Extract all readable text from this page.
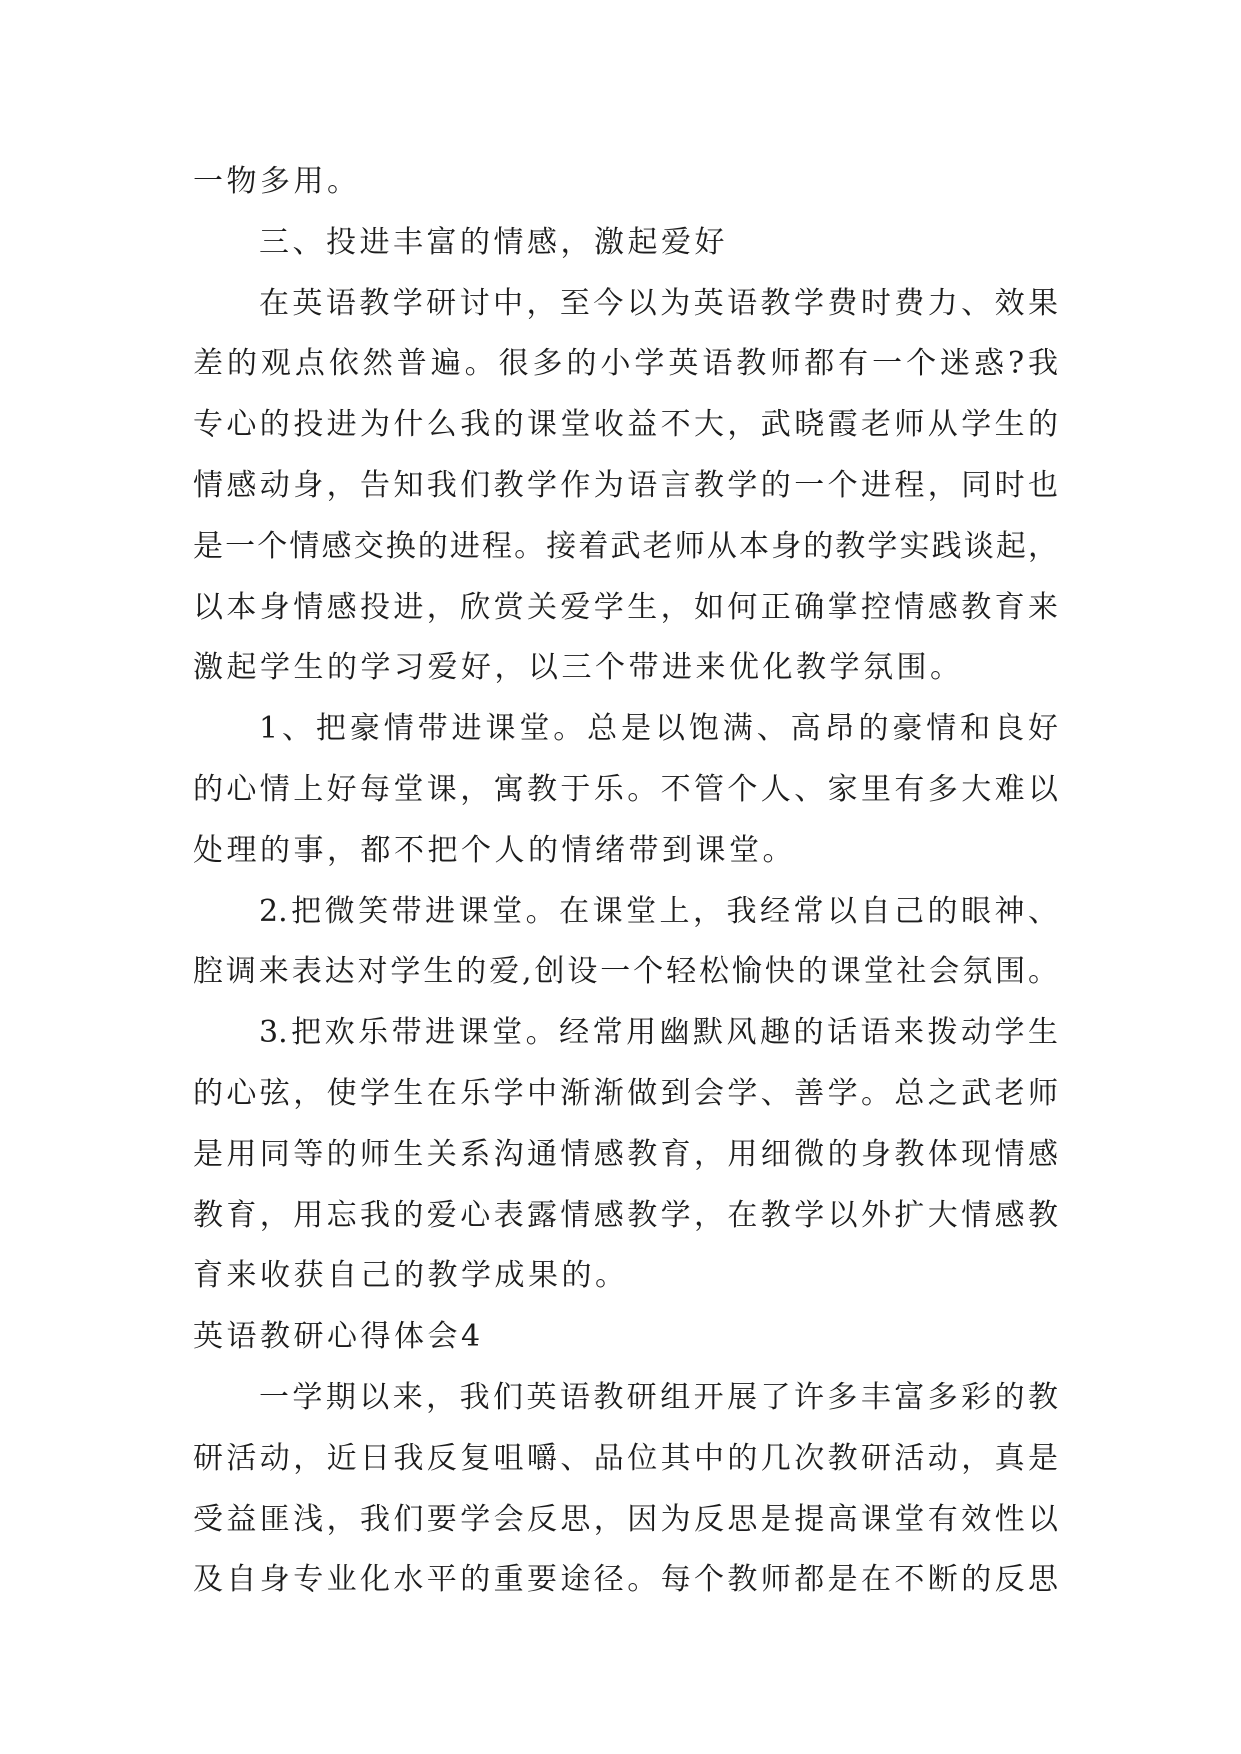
一物多用。
三、投进丰富的情感，激起爱好
在英语教学研讨中，至今以为英语教学费时费力、效果
差的观点依然普遍。很多的小学英语教师都有一个迷惑?我
专心的投进为什么我的课堂收益不大，武晓霞老师从学生的
情感动身，告知我们教学作为语言教学的一个进程，同时也
是一个情感交换的进程。接着武老师从本身的教学实践谈起，
以本身情感投进，欣赏关爱学生，如何正确掌控情感教育来
激起学生的学习爱好，以三个带进来优化教学氛围。
1、把豪情带进课堂。总是以饱满、高昂的豪情和良好
的心情上好每堂课，寓教于乐。不管个人、家里有多大难以
处理的事，都不把个人的情绪带到课堂。
2.把微笑带进课堂。在课堂上，我经常以自己的眼神、
腔调来表达对学生的爱,创设一个轻松愉快的课堂社会氛围。
3.把欢乐带进课堂。经常用幽默风趣的话语来拨动学生
的心弦，使学生在乐学中渐渐做到会学、善学。总之武老师
是用同等的师生关系沟通情感教育，用细微的身教体现情感
教育，用忘我的爱心表露情感教学，在教学以外扩大情感教
育来收获自己的教学成果的。
英语教研心得体会4
一学期以来，我们英语教研组开展了许多丰富多彩的教
研活动，近日我反复咀嚼、品位其中的几次教研活动，真是
受益匪浅，我们要学会反思，因为反思是提高课堂有效性以
及自身专业化水平的重要途径。每个教师都是在不断的反思
